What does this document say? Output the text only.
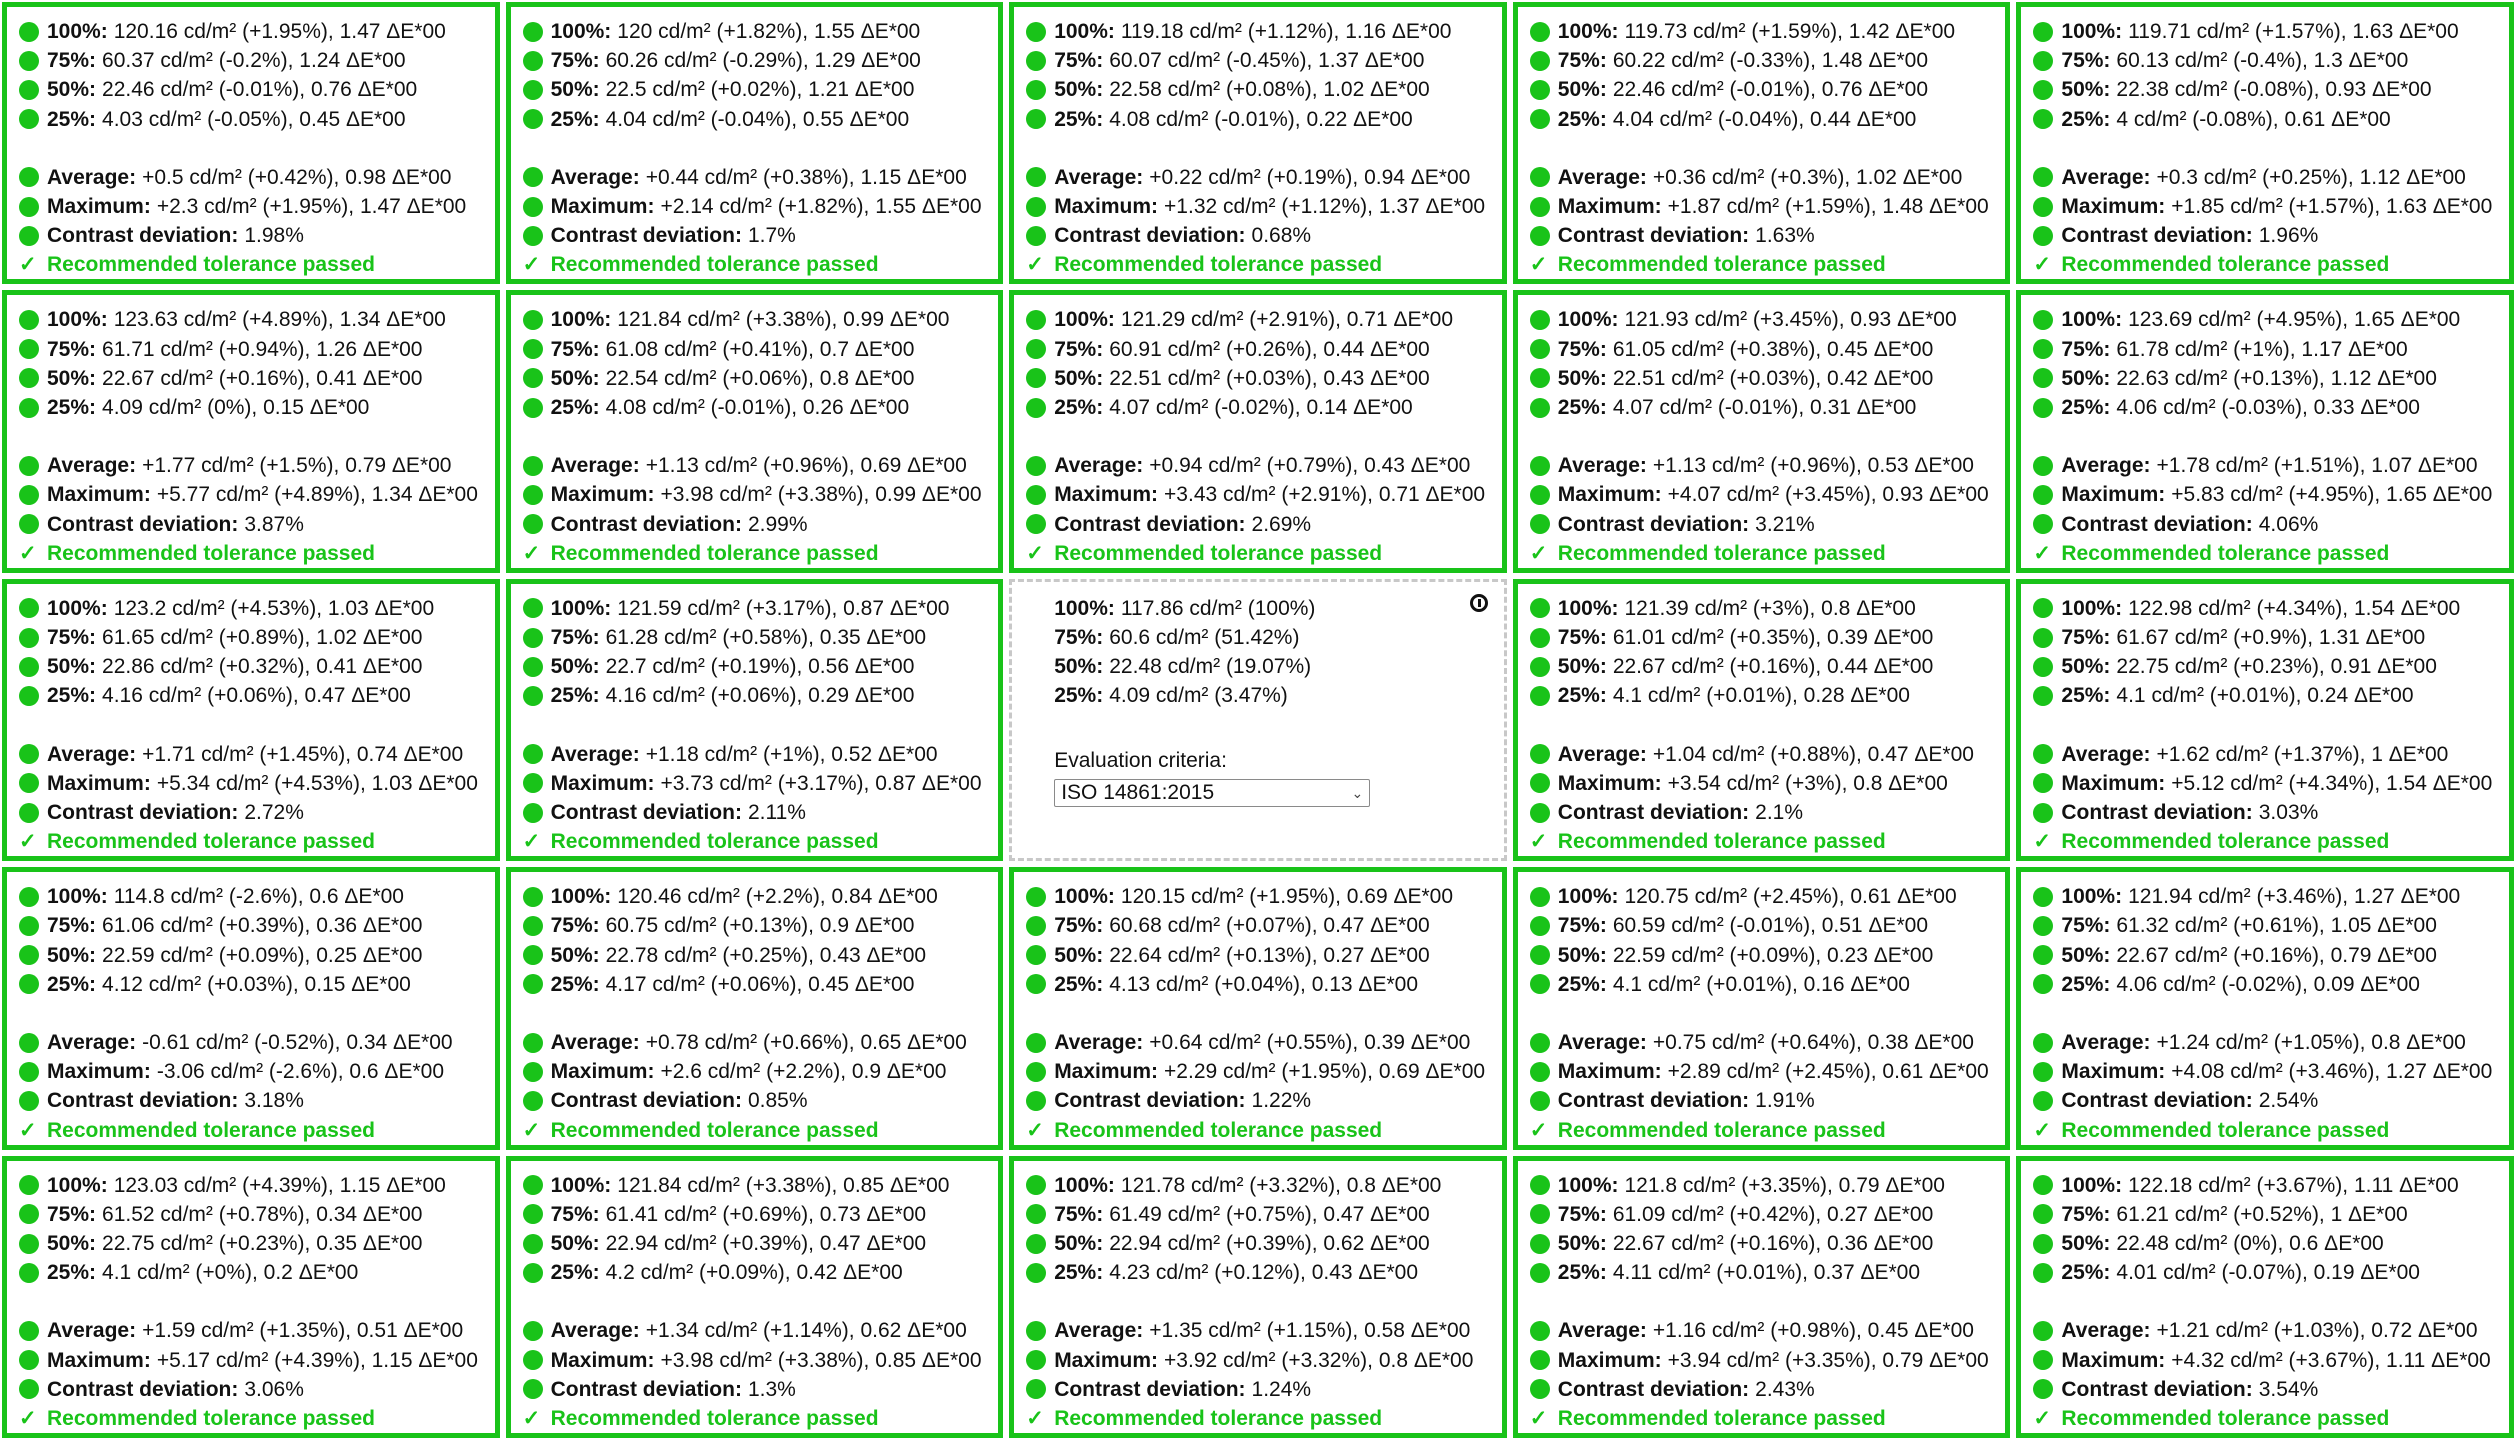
100%: 120.16 cd/m² (+1.95%), 1.47 ΔE*00
75%: 60.37 cd/m² (-0.2%), 1.24 ΔE*00
50%: 22.46 cd/m² (-0.01%), 0.76 ΔE*00
25%: 4.03 cd/m² (-0.05%), 0.45 ΔE*00
Average: +0.5 cd/m² (+0.42%), 0.98 ΔE*00
Maximum: +2.3 cd/m² (+1.95%), 1.47 ΔE*00
Contrast deviation: 1.98%
✓ Recommended tolerance passed
100%: 120 cd/m² (+1.82%), 1.55 ΔE*00
75%: 60.26 cd/m² (-0.29%), 1.29 ΔE*00
50%: 22.5 cd/m² (+0.02%), 1.21 ΔE*00
25%: 4.04 cd/m² (-0.04%), 0.55 ΔE*00
Average: +0.44 cd/m² (+0.38%), 1.15 ΔE*00
Maximum: +2.14 cd/m² (+1.82%), 1.55 ΔE*00
Contrast deviation: 1.7%
✓ Recommended tolerance passed
100%: 119.18 cd/m² (+1.12%), 1.16 ΔE*00
75%: 60.07 cd/m² (-0.45%), 1.37 ΔE*00
50%: 22.58 cd/m² (+0.08%), 1.02 ΔE*00
25%: 4.08 cd/m² (-0.01%), 0.22 ΔE*00
Average: +0.22 cd/m² (+0.19%), 0.94 ΔE*00
Maximum: +1.32 cd/m² (+1.12%), 1.37 ΔE*00
Contrast deviation: 0.68%
✓ Recommended tolerance passed
100%: 119.73 cd/m² (+1.59%), 1.42 ΔE*00
75%: 60.22 cd/m² (-0.33%), 1.48 ΔE*00
50%: 22.46 cd/m² (-0.01%), 0.76 ΔE*00
25%: 4.04 cd/m² (-0.04%), 0.44 ΔE*00
Average: +0.36 cd/m² (+0.3%), 1.02 ΔE*00
Maximum: +1.87 cd/m² (+1.59%), 1.48 ΔE*00
Contrast deviation: 1.63%
✓ Recommended tolerance passed
100%: 119.71 cd/m² (+1.57%), 1.63 ΔE*00
75%: 60.13 cd/m² (-0.4%), 1.3 ΔE*00
50%: 22.38 cd/m² (-0.08%), 0.93 ΔE*00
25%: 4 cd/m² (-0.08%), 0.61 ΔE*00
Average: +0.3 cd/m² (+0.25%), 1.12 ΔE*00
Maximum: +1.85 cd/m² (+1.57%), 1.63 ΔE*00
Contrast deviation: 1.96%
✓ Recommended tolerance passed
100%: 123.63 cd/m² (+4.89%), 1.34 ΔE*00
75%: 61.71 cd/m² (+0.94%), 1.26 ΔE*00
50%: 22.67 cd/m² (+0.16%), 0.41 ΔE*00
25%: 4.09 cd/m² (0%), 0.15 ΔE*00
Average: +1.77 cd/m² (+1.5%), 0.79 ΔE*00
Maximum: +5.77 cd/m² (+4.89%), 1.34 ΔE*00
Contrast deviation: 3.87%
✓ Recommended tolerance passed
100%: 121.84 cd/m² (+3.38%), 0.99 ΔE*00
75%: 61.08 cd/m² (+0.41%), 0.7 ΔE*00
50%: 22.54 cd/m² (+0.06%), 0.8 ΔE*00
25%: 4.08 cd/m² (-0.01%), 0.26 ΔE*00
Average: +1.13 cd/m² (+0.96%), 0.69 ΔE*00
Maximum: +3.98 cd/m² (+3.38%), 0.99 ΔE*00
Contrast deviation: 2.99%
✓ Recommended tolerance passed
100%: 121.29 cd/m² (+2.91%), 0.71 ΔE*00
75%: 60.91 cd/m² (+0.26%), 0.44 ΔE*00
50%: 22.51 cd/m² (+0.03%), 0.43 ΔE*00
25%: 4.07 cd/m² (-0.02%), 0.14 ΔE*00
Average: +0.94 cd/m² (+0.79%), 0.43 ΔE*00
Maximum: +3.43 cd/m² (+2.91%), 0.71 ΔE*00
Contrast deviation: 2.69%
✓ Recommended tolerance passed
100%: 121.93 cd/m² (+3.45%), 0.93 ΔE*00
75%: 61.05 cd/m² (+0.38%), 0.45 ΔE*00
50%: 22.51 cd/m² (+0.03%), 0.42 ΔE*00
25%: 4.07 cd/m² (-0.01%), 0.31 ΔE*00
Average: +1.13 cd/m² (+0.96%), 0.53 ΔE*00
Maximum: +4.07 cd/m² (+3.45%), 0.93 ΔE*00
Contrast deviation: 3.21%
✓ Recommended tolerance passed
100%: 123.69 cd/m² (+4.95%), 1.65 ΔE*00
75%: 61.78 cd/m² (+1%), 1.17 ΔE*00
50%: 22.63 cd/m² (+0.13%), 1.12 ΔE*00
25%: 4.06 cd/m² (-0.03%), 0.33 ΔE*00
Average: +1.78 cd/m² (+1.51%), 1.07 ΔE*00
Maximum: +5.83 cd/m² (+4.95%), 1.65 ΔE*00
Contrast deviation: 4.06%
✓ Recommended tolerance passed
100%: 123.2 cd/m² (+4.53%), 1.03 ΔE*00
75%: 61.65 cd/m² (+0.89%), 1.02 ΔE*00
50%: 22.86 cd/m² (+0.32%), 0.41 ΔE*00
25%: 4.16 cd/m² (+0.06%), 0.47 ΔE*00
Average: +1.71 cd/m² (+1.45%), 0.74 ΔE*00
Maximum: +5.34 cd/m² (+4.53%), 1.03 ΔE*00
Contrast deviation: 2.72%
✓ Recommended tolerance passed
100%: 121.59 cd/m² (+3.17%), 0.87 ΔE*00
75%: 61.28 cd/m² (+0.58%), 0.35 ΔE*00
50%: 22.7 cd/m² (+0.19%), 0.56 ΔE*00
25%: 4.16 cd/m² (+0.06%), 0.29 ΔE*00
Average: +1.18 cd/m² (+1%), 0.52 ΔE*00
Maximum: +3.73 cd/m² (+3.17%), 0.87 ΔE*00
Contrast deviation: 2.11%
✓ Recommended tolerance passed
100%: 117.86 cd/m² (100%)
75%: 60.6 cd/m² (51.42%)
50%: 22.48 cd/m² (19.07%)
25%: 4.09 cd/m² (3.47%)
Evaluation criteria:
ISO 14861:2015	⌄
100%: 121.39 cd/m² (+3%), 0.8 ΔE*00
75%: 61.01 cd/m² (+0.35%), 0.39 ΔE*00
50%: 22.67 cd/m² (+0.16%), 0.44 ΔE*00
25%: 4.1 cd/m² (+0.01%), 0.28 ΔE*00
Average: +1.04 cd/m² (+0.88%), 0.47 ΔE*00
Maximum: +3.54 cd/m² (+3%), 0.8 ΔE*00
Contrast deviation: 2.1%
✓ Recommended tolerance passed
100%: 122.98 cd/m² (+4.34%), 1.54 ΔE*00
75%: 61.67 cd/m² (+0.9%), 1.31 ΔE*00
50%: 22.75 cd/m² (+0.23%), 0.91 ΔE*00
25%: 4.1 cd/m² (+0.01%), 0.24 ΔE*00
Average: +1.62 cd/m² (+1.37%), 1 ΔE*00
Maximum: +5.12 cd/m² (+4.34%), 1.54 ΔE*00
Contrast deviation: 3.03%
✓ Recommended tolerance passed
100%: 114.8 cd/m² (-2.6%), 0.6 ΔE*00
75%: 61.06 cd/m² (+0.39%), 0.36 ΔE*00
50%: 22.59 cd/m² (+0.09%), 0.25 ΔE*00
25%: 4.12 cd/m² (+0.03%), 0.15 ΔE*00
Average: -0.61 cd/m² (-0.52%), 0.34 ΔE*00
Maximum: -3.06 cd/m² (-2.6%), 0.6 ΔE*00
Contrast deviation: 3.18%
✓ Recommended tolerance passed
100%: 120.46 cd/m² (+2.2%), 0.84 ΔE*00
75%: 60.75 cd/m² (+0.13%), 0.9 ΔE*00
50%: 22.78 cd/m² (+0.25%), 0.43 ΔE*00
25%: 4.17 cd/m² (+0.06%), 0.45 ΔE*00
Average: +0.78 cd/m² (+0.66%), 0.65 ΔE*00
Maximum: +2.6 cd/m² (+2.2%), 0.9 ΔE*00
Contrast deviation: 0.85%
✓ Recommended tolerance passed
100%: 120.15 cd/m² (+1.95%), 0.69 ΔE*00
75%: 60.68 cd/m² (+0.07%), 0.47 ΔE*00
50%: 22.64 cd/m² (+0.13%), 0.27 ΔE*00
25%: 4.13 cd/m² (+0.04%), 0.13 ΔE*00
Average: +0.64 cd/m² (+0.55%), 0.39 ΔE*00
Maximum: +2.29 cd/m² (+1.95%), 0.69 ΔE*00
Contrast deviation: 1.22%
✓ Recommended tolerance passed
100%: 120.75 cd/m² (+2.45%), 0.61 ΔE*00
75%: 60.59 cd/m² (-0.01%), 0.51 ΔE*00
50%: 22.59 cd/m² (+0.09%), 0.23 ΔE*00
25%: 4.1 cd/m² (+0.01%), 0.16 ΔE*00
Average: +0.75 cd/m² (+0.64%), 0.38 ΔE*00
Maximum: +2.89 cd/m² (+2.45%), 0.61 ΔE*00
Contrast deviation: 1.91%
✓ Recommended tolerance passed
100%: 121.94 cd/m² (+3.46%), 1.27 ΔE*00
75%: 61.32 cd/m² (+0.61%), 1.05 ΔE*00
50%: 22.67 cd/m² (+0.16%), 0.79 ΔE*00
25%: 4.06 cd/m² (-0.02%), 0.09 ΔE*00
Average: +1.24 cd/m² (+1.05%), 0.8 ΔE*00
Maximum: +4.08 cd/m² (+3.46%), 1.27 ΔE*00
Contrast deviation: 2.54%
✓ Recommended tolerance passed
100%: 123.03 cd/m² (+4.39%), 1.15 ΔE*00
75%: 61.52 cd/m² (+0.78%), 0.34 ΔE*00
50%: 22.75 cd/m² (+0.23%), 0.35 ΔE*00
25%: 4.1 cd/m² (+0%), 0.2 ΔE*00
Average: +1.59 cd/m² (+1.35%), 0.51 ΔE*00
Maximum: +5.17 cd/m² (+4.39%), 1.15 ΔE*00
Contrast deviation: 3.06%
✓ Recommended tolerance passed
100%: 121.84 cd/m² (+3.38%), 0.85 ΔE*00
75%: 61.41 cd/m² (+0.69%), 0.73 ΔE*00
50%: 22.94 cd/m² (+0.39%), 0.47 ΔE*00
25%: 4.2 cd/m² (+0.09%), 0.42 ΔE*00
Average: +1.34 cd/m² (+1.14%), 0.62 ΔE*00
Maximum: +3.98 cd/m² (+3.38%), 0.85 ΔE*00
Contrast deviation: 1.3%
✓ Recommended tolerance passed
100%: 121.78 cd/m² (+3.32%), 0.8 ΔE*00
75%: 61.49 cd/m² (+0.75%), 0.47 ΔE*00
50%: 22.94 cd/m² (+0.39%), 0.62 ΔE*00
25%: 4.23 cd/m² (+0.12%), 0.43 ΔE*00
Average: +1.35 cd/m² (+1.15%), 0.58 ΔE*00
Maximum: +3.92 cd/m² (+3.32%), 0.8 ΔE*00
Contrast deviation: 1.24%
✓ Recommended tolerance passed
100%: 121.8 cd/m² (+3.35%), 0.79 ΔE*00
75%: 61.09 cd/m² (+0.42%), 0.27 ΔE*00
50%: 22.67 cd/m² (+0.16%), 0.36 ΔE*00
25%: 4.11 cd/m² (+0.01%), 0.37 ΔE*00
Average: +1.16 cd/m² (+0.98%), 0.45 ΔE*00
Maximum: +3.94 cd/m² (+3.35%), 0.79 ΔE*00
Contrast deviation: 2.43%
✓ Recommended tolerance passed
100%: 122.18 cd/m² (+3.67%), 1.11 ΔE*00
75%: 61.21 cd/m² (+0.52%), 1 ΔE*00
50%: 22.48 cd/m² (0%), 0.6 ΔE*00
25%: 4.01 cd/m² (-0.07%), 0.19 ΔE*00
Average: +1.21 cd/m² (+1.03%), 0.72 ΔE*00
Maximum: +4.32 cd/m² (+3.67%), 1.11 ΔE*00
Contrast deviation: 3.54%
✓ Recommended tolerance passed
